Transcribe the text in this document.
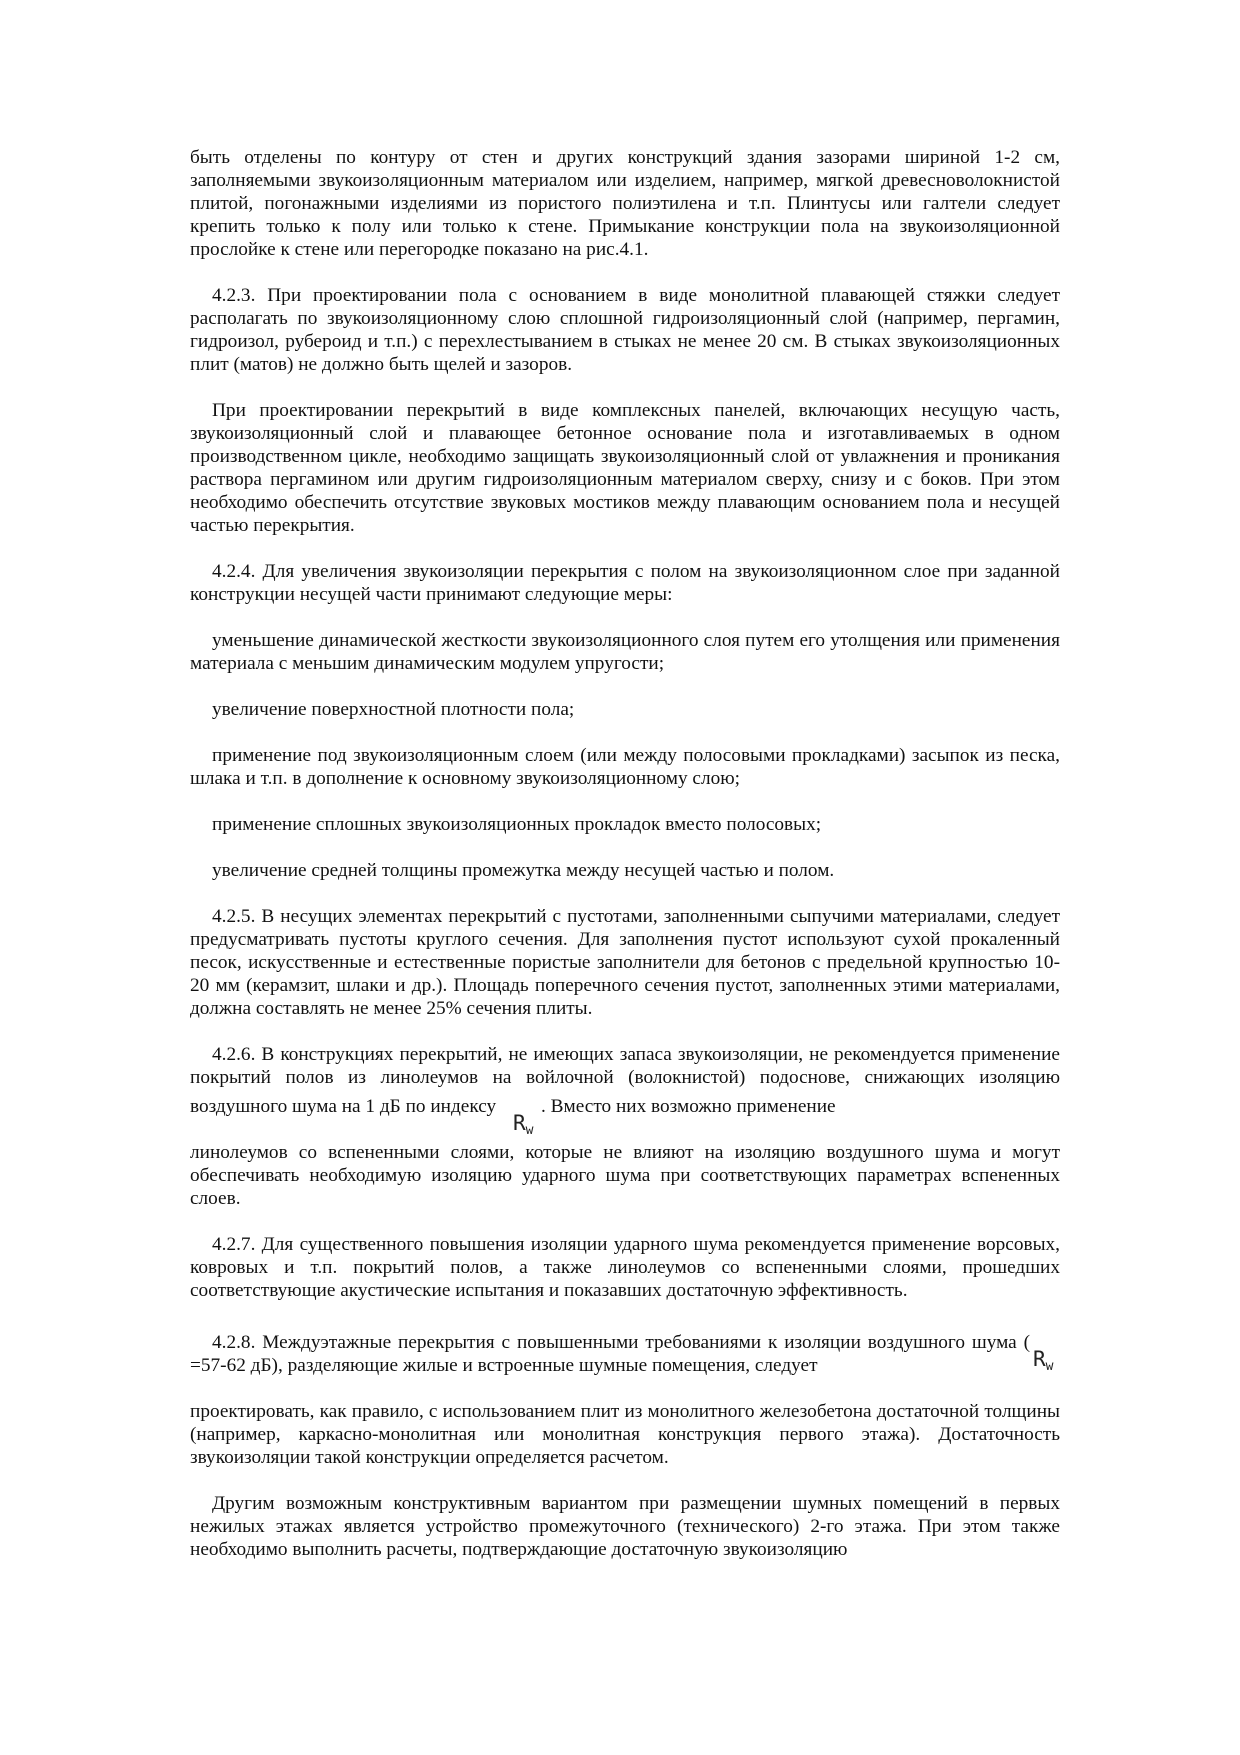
быть отделены по контуру от стен и других конструкций здания зазорами шириной 1-2 см, заполняемыми звукоизоляционным материалом или изделием, например, мягкой древесноволокнистой плитой, погонажными изделиями из пористого полиэтилена и т.п. Плинтусы или галтели следует крепить только к полу или только к стене. Примыкание конструкции пола на звукоизоляционной прослойке к стене или перегородке показано на рис.4.1.

4.2.3. При проектировании пола с основанием в виде монолитной плавающей стяжки следует располагать по звукоизоляционному слою сплошной гидроизоляционный слой (например, пергамин, гидроизол, рубероид и т.п.) с перехлестыванием в стыках не менее 20 см. В стыках звукоизоляционных плит (матов) не должно быть щелей и зазоров.

При проектировании перекрытий в виде комплексных панелей, включающих несущую часть, звукоизоляционный слой и плавающее бетонное основание пола и изготавливаемых в одном производственном цикле, необходимо защищать звукоизоляционный слой от увлажнения и проникания раствора пергамином или другим гидроизоляционным материалом сверху, снизу и с боков. При этом необходимо обеспечить отсутствие звуковых мостиков между плавающим основанием пола и несущей частью перекрытия.

4.2.4. Для увеличения звукоизоляции перекрытия с полом на звукоизоляционном слое при заданной конструкции несущей части принимают следующие меры:

уменьшение динамической жесткости звукоизоляционного слоя путем его утолщения или применения материала с меньшим динамическим модулем упругости;

увеличение поверхностной плотности пола;

применение под звукоизоляционным слоем (или между полосовыми прокладками) засыпок из песка, шлака и т.п. в дополнение к основному звукоизоляционному слою;

применение сплошных звукоизоляционных прокладок вместо полосовых;

увеличение средней толщины промежутка между несущей частью и полом.

4.2.5. В несущих элементах перекрытий с пустотами, заполненными сыпучими материалами, следует предусматривать пустоты круглого сечения. Для заполнения пустот используют сухой прокаленный песок, искусственные и естественные пористые заполнители для бетонов с предельной крупностью 10-20 мм (керамзит, шлаки и др.). Площадь поперечного сечения пустот, заполненных этими материалами, должна составлять не менее 25% сечения плиты.

4.2.6. В конструкциях перекрытий, не имеющих запаса звукоизоляции, не рекомендуется применение покрытий полов из линолеумов на войлочной (волокнистой) подоснове, снижающих изоляцию воздушного шума на 1 дБ по индексу
Rw
. Вместо них возможно применение
линолеумов со вспененными слоями, которые не влияют на изоляцию воздушного шума и могут обеспечивать необходимую изоляцию ударного шума при соответствующих параметрах вспененных слоев.

4.2.7. Для существенного повышения изоляции ударного шума рекомендуется применение ворсовых, ковровых и т.п. покрытий полов, а также линолеумов со вспененными слоями, прошедших соответствующие акустические испытания и показавших достаточную эффективность.

4.2.8. Междуэтажные перекрытия с повышенными требованиями к изоляции воздушного шума (
Rw
=57-62 дБ), разделяющие жилые и встроенные шумные помещения, следует
проектировать, как правило, с использованием плит из монолитного железобетона достаточной толщины (например, каркасно-монолитная или монолитная конструкция первого этажа). Достаточность звукоизоляции такой конструкции определяется расчетом.

Другим возможным конструктивным вариантом при размещении шумных помещений в первых нежилых этажах является устройство промежуточного (технического) 2-го этажа. При этом также необходимо выполнить расчеты, подтверждающие достаточную звукоизоляцию
